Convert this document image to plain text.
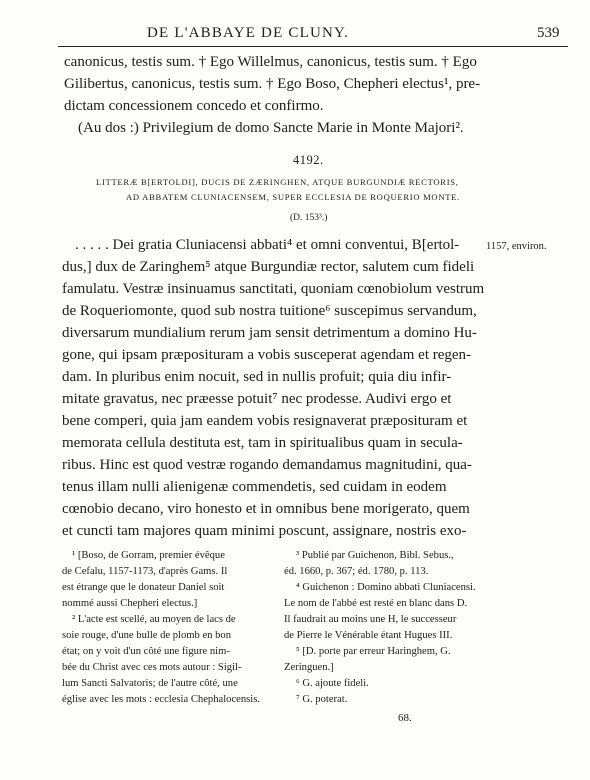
DE L'ABBAYE DE CLUNY.	539
canonicus, testis sum. † Ego Willelmus, canonicus, testis sum. † Ego
Gilibertus, canonicus, testis sum. † Ego Boso, Chepheri electus¹, pre-
dictam concessionem concedo et confirmo.
(Au dos :) Privilegium de domo Sancte Marie in Monte Majori².
4192.
LITTERÆ B[ERTOLDI], DUCIS DE ZÆRINGHEN, ATQUE BURGUNDIÆ RECTORIS,
AD ABBATEM CLUNIACENSEM, SUPER ECCLESIA DE ROQUERIO MONTE.
(D. 153³.)
1157, environ.
. . . . . Dei gratia Cluniacensi abbati⁴ et omni conventui, B[ertol-
dus,] dux de Zaringhem⁵ atque Burgundiæ rector, salutem cum fideli
famulatu. Vestræ insinuamus sanctitati, quoniam cœnobiolum vestrum
de Roqueriomonte, quod sub nostra tuitione⁶ suscepimus servandum,
diversarum mundialium rerum jam sensit detrimentum a domino Hu-
gone, qui ipsam præposituram a vobis susceperat agendam et regen-
dam. In pluribus enim nocuit, sed in nullis profuit; quia diu infir-
mitate gravatus, nec præesse potuit⁷ nec prodesse. Audivi ergo et
bene comperi, quia jam eandem vobis resignaverat præposituram et
memorata cellula destituta est, tam in spiritualibus quam in secula-
ribus. Hinc est quod vestræ rogando demandamus magnitudini, qua-
tenus illam nulli alienigenæ commendetis, sed cuidam in eodem
cœnobio decano, viro honesto et in omnibus bene morigerato, quem
et cuncti tam majores quam minimi poscunt, assignare, nostris exo-
¹ [Boso, de Gorram, premier évêque
de Cefalu, 1157-1173, d'après Gams. Il
est étrange que le donateur Daniel soit
nommé aussi Chepheri electus.]
² L'acte est scellé, au moyen de lacs de
soie rouge, d'une bulle de plomb en bon
état; on y voit d'un côté une figure nim-
bée du Christ avec ces mots autour : Sigil-
lum Sancti Salvatoris; de l'autre côté, une
église avec les mots : ecclesia Chephalocensis.
³ Publié par Guichenon, Bibl. Sebus.,
éd. 1660, p. 367; éd. 1780, p. 113.
⁴ Guichenon : Domino abbati Cluniacensi.
Le nom de l'abbé est resté en blanc dans D.
Il faudrait au moins une H, le successeur
de Pierre le Vénérable étant Hugues III.
⁵ [D. porte par erreur Haringhem, G.
Zeringuen.]
⁶ G. ajoute fideli.
⁷ G. poterat.
68.
